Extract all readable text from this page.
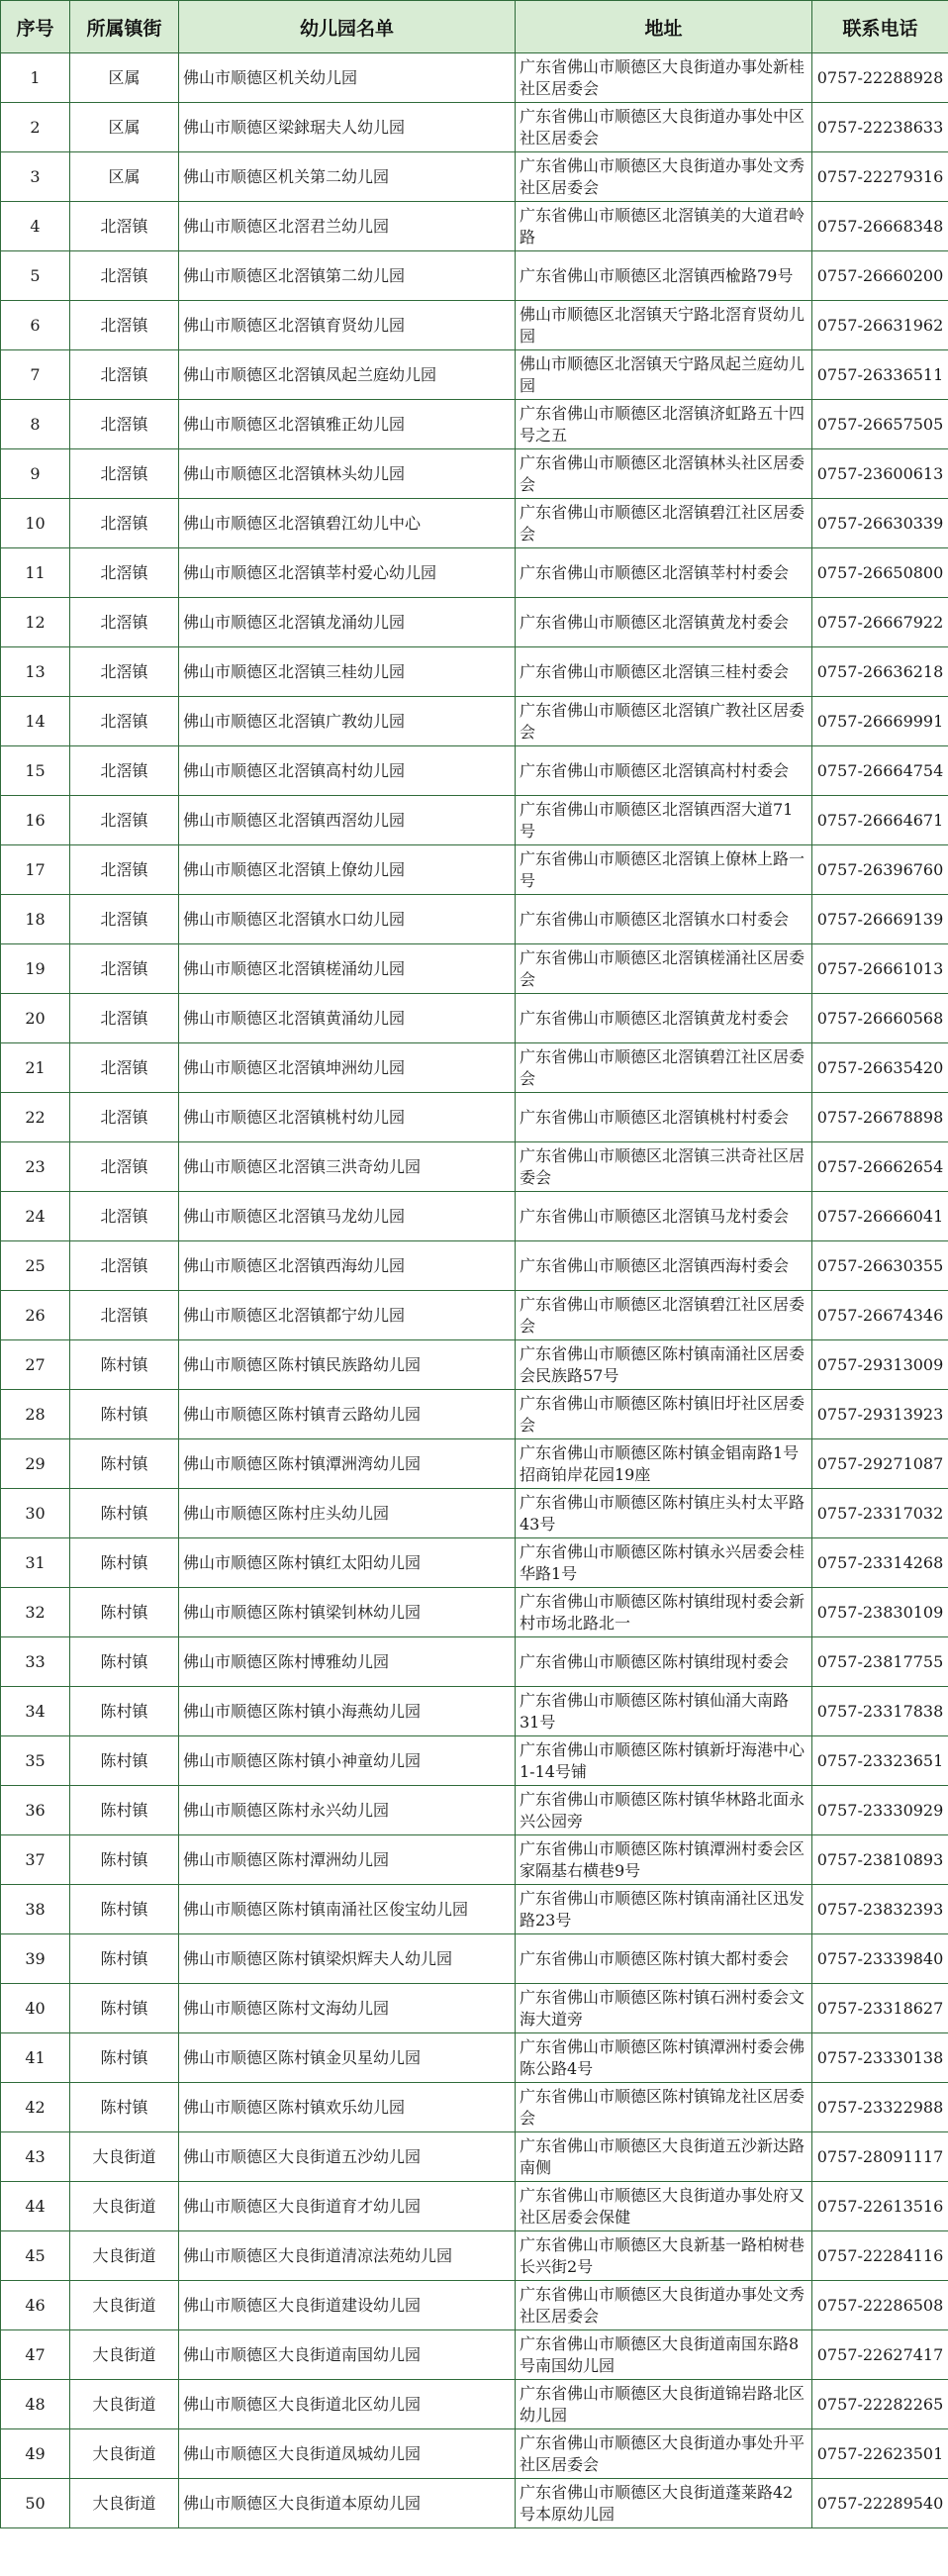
序号	所属镇街	幼儿园名单	地址	联系电话
1	区属	佛山市顺德区机关幼儿园	广东省佛山市顺德区大良街道办事处新桂社区居委会	0757-22288928
2	区属	佛山市顺德区梁銶琚夫人幼儿园	广东省佛山市顺德区大良街道办事处中区社区居委会	0757-22238633
3	区属	佛山市顺德区机关第二幼儿园	广东省佛山市顺德区大良街道办事处文秀社区居委会	0757-22279316
4	北滘镇	佛山市顺德区北滘君兰幼儿园	广东省佛山市顺德区北滘镇美的大道君岭路	0757-26668348
5	北滘镇	佛山市顺德区北滘镇第二幼儿园	广东省佛山市顺德区北滘镇西楡路79号	0757-26660200
6	北滘镇	佛山市顺德区北滘镇育贤幼儿园	佛山市顺德区北滘镇天宁路北滘育贤幼儿园	0757-26631962
7	北滘镇	佛山市顺德区北滘镇凤起兰庭幼儿园	佛山市顺德区北滘镇天宁路凤起兰庭幼儿园	0757-26336511
8	北滘镇	佛山市顺德区北滘镇雅正幼儿园	广东省佛山市顺德区北滘镇济虹路五十四号之五	0757-26657505
9	北滘镇	佛山市顺德区北滘镇林头幼儿园	广东省佛山市顺德区北滘镇林头社区居委会	0757-23600613
10	北滘镇	佛山市顺德区北滘镇碧江幼儿中心	广东省佛山市顺德区北滘镇碧江社区居委会	0757-26630339
11	北滘镇	佛山市顺德区北滘镇莘村爱心幼儿园	广东省佛山市顺德区北滘镇莘村村委会	0757-26650800
12	北滘镇	佛山市顺德区北滘镇龙涌幼儿园	广东省佛山市顺德区北滘镇黄龙村委会	0757-26667922
13	北滘镇	佛山市顺德区北滘镇三桂幼儿园	广东省佛山市顺德区北滘镇三桂村委会	0757-26636218
14	北滘镇	佛山市顺德区北滘镇广教幼儿园	广东省佛山市顺德区北滘镇广教社区居委会	0757-26669991
15	北滘镇	佛山市顺德区北滘镇高村幼儿园	广东省佛山市顺德区北滘镇高村村委会	0757-26664754
16	北滘镇	佛山市顺德区北滘镇西滘幼儿园	广东省佛山市顺德区北滘镇西滘大道71号	0757-26664671
17	北滘镇	佛山市顺德区北滘镇上僚幼儿园	广东省佛山市顺德区北滘镇上僚林上路一号	0757-26396760
18	北滘镇	佛山市顺德区北滘镇水口幼儿园	广东省佛山市顺德区北滘镇水口村委会	0757-26669139
19	北滘镇	佛山市顺德区北滘镇槎涌幼儿园	广东省佛山市顺德区北滘镇槎涌社区居委会	0757-26661013
20	北滘镇	佛山市顺德区北滘镇黄涌幼儿园	广东省佛山市顺德区北滘镇黄龙村委会	0757-26660568
21	北滘镇	佛山市顺德区北滘镇坤洲幼儿园	广东省佛山市顺德区北滘镇碧江社区居委会	0757-26635420
22	北滘镇	佛山市顺德区北滘镇桃村幼儿园	广东省佛山市顺德区北滘镇桃村村委会	0757-26678898
23	北滘镇	佛山市顺德区北滘镇三洪奇幼儿园	广东省佛山市顺德区北滘镇三洪奇社区居委会	0757-26662654
24	北滘镇	佛山市顺德区北滘镇马龙幼儿园	广东省佛山市顺德区北滘镇马龙村委会	0757-26666041
25	北滘镇	佛山市顺德区北滘镇西海幼儿园	广东省佛山市顺德区北滘镇西海村委会	0757-26630355
26	北滘镇	佛山市顺德区北滘镇都宁幼儿园	广东省佛山市顺德区北滘镇碧江社区居委会	0757-26674346
27	陈村镇	佛山市顺德区陈村镇民族路幼儿园	广东省佛山市顺德区陈村镇南涌社区居委会民族路57号	0757-29313009
28	陈村镇	佛山市顺德区陈村镇青云路幼儿园	广东省佛山市顺德区陈村镇旧圩社区居委会	0757-29313923
29	陈村镇	佛山市顺德区陈村镇潭洲湾幼儿园	广东省佛山市顺德区陈村镇金锠南路1号招商铂岸花园19座	0757-29271087
30	陈村镇	佛山市顺德区陈村庄头幼儿园	广东省佛山市顺德区陈村镇庄头村太平路43号	0757-23317032
31	陈村镇	佛山市顺德区陈村镇红太阳幼儿园	广东省佛山市顺德区陈村镇永兴居委会桂华路1号	0757-23314268
32	陈村镇	佛山市顺德区陈村镇梁钊林幼儿园	广东省佛山市顺德区陈村镇绀现村委会新村市场北路北一	0757-23830109
33	陈村镇	佛山市顺德区陈村博雅幼儿园	广东省佛山市顺德区陈村镇绀现村委会	0757-23817755
34	陈村镇	佛山市顺德区陈村镇小海燕幼儿园	广东省佛山市顺德区陈村镇仙涌大南路31号	0757-23317838
35	陈村镇	佛山市顺德区陈村镇小神童幼儿园	广东省佛山市顺德区陈村镇新圩海港中心1-14号铺	0757-23323651
36	陈村镇	佛山市顺德区陈村永兴幼儿园	广东省佛山市顺德区陈村镇华林路北面永兴公园旁	0757-23330929
37	陈村镇	佛山市顺德区陈村潭洲幼儿园	广东省佛山市顺德区陈村镇潭洲村委会区家隔基右横巷9号	0757-23810893
38	陈村镇	佛山市顺德区陈村镇南涌社区俊宝幼儿园	广东省佛山市顺德区陈村镇南涌社区迅发路23号	0757-23832393
39	陈村镇	佛山市顺德区陈村镇梁炽辉夫人幼儿园	广东省佛山市顺德区陈村镇大都村委会	0757-23339840
40	陈村镇	佛山市顺德区陈村文海幼儿园	广东省佛山市顺德区陈村镇石洲村委会文海大道旁	0757-23318627
41	陈村镇	佛山市顺德区陈村镇金贝星幼儿园	广东省佛山市顺德区陈村镇潭洲村委会佛陈公路4号	0757-23330138
42	陈村镇	佛山市顺德区陈村镇欢乐幼儿园	广东省佛山市顺德区陈村镇锦龙社区居委会	0757-23322988
43	大良街道	佛山市顺德区大良街道五沙幼儿园	广东省佛山市顺德区大良街道五沙新达路南侧	0757-28091117
44	大良街道	佛山市顺德区大良街道育才幼儿园	广东省佛山市顺德区大良街道办事处府又社区居委会保健	0757-22613516
45	大良街道	佛山市顺德区大良街道清凉法苑幼儿园	广东省佛山市顺德区大良新基一路柏树巷长兴街2号	0757-22284116
46	大良街道	佛山市顺德区大良街道建设幼儿园	广东省佛山市顺德区大良街道办事处文秀社区居委会	0757-22286508
47	大良街道	佛山市顺德区大良街道南国幼儿园	广东省佛山市顺德区大良街道南国东路8号南国幼儿园	0757-22627417
48	大良街道	佛山市顺德区大良街道北区幼儿园	广东省佛山市顺德区大良街道锦岩路北区幼儿园	0757-22282265
49	大良街道	佛山市顺德区大良街道凤城幼儿园	广东省佛山市顺德区大良街道办事处升平社区居委会	0757-22623501
50	大良街道	佛山市顺德区大良街道本原幼儿园	广东省佛山市顺德区大良街道蓬莱路42号本原幼儿园	0757-22289540
